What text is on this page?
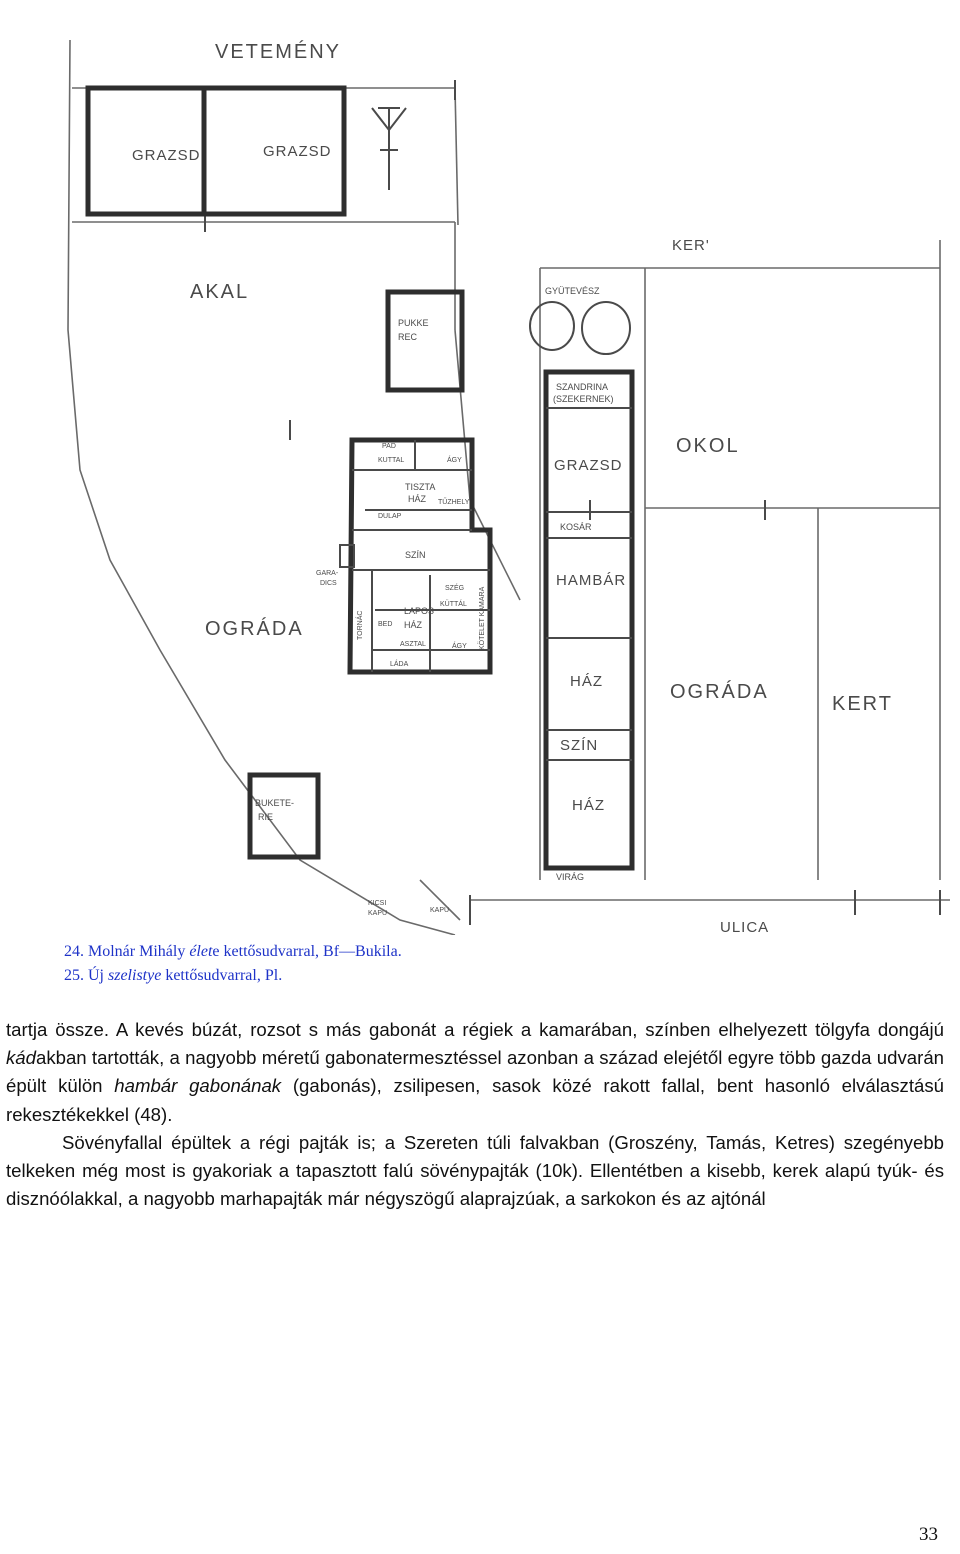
VETEMÉNY
GRAZSD	GRAZSD
AKAL
PUKKE
REC
PAD
KUTTAL	ÁGY
TISZTA
HÁZ TŰZHELY
DULAP
SZÍN
GARA-
DICS
TORNÁC	KÖTELET KAMARA
SZÉG
LAPOS
HÁZ
KÜTTÁL
ÁGY
BED
ASZTAL
LÁDA
OGRÁDA
BUKETE-
RIE
KICSI
KAPU	KAPU
KER'
GYÜTEVÉSZ
SZANDRINA
(SZEKERNEK)
GRAZSD
OKOL
KOSÁR
HAMBÁR
HÁZ	OGRÁDA
KERT
SZÍN
HÁZ
VIRÁG
ULICA
24. Molnár Mihály élete kettősudvarral, Bf—Bukila.
25. Új szelistye kettősudvarral, Pl.

tartja össze. A kevés búzát, rozsot s más gabonát a régiek a kamarában, színben elhelyezett tölgyfa dongájú kádakban tartották, a nagyobb méretű gabonatermesztéssel azonban a század elejétől egyre több gazda udvarán épült külön hambár gabonának (gabonás), zsilipesen, sasok közé rakott fallal, bent hasonló elválasztású rekesztékekkel (48).

Sövényfallal épültek a régi pajták is; a Szereten túli falvakban (Groszény, Tamás, Ketres) szegényebb telkeken még most is gyakoriak a tapasztott falú sövénypajták (10k). Ellentétben a kisebb, kerek alapú tyúk- és disznóólakkal, a nagyobb marhapajták már négyszögű alaprajzúak, a sarkokon és az ajtónál

33
